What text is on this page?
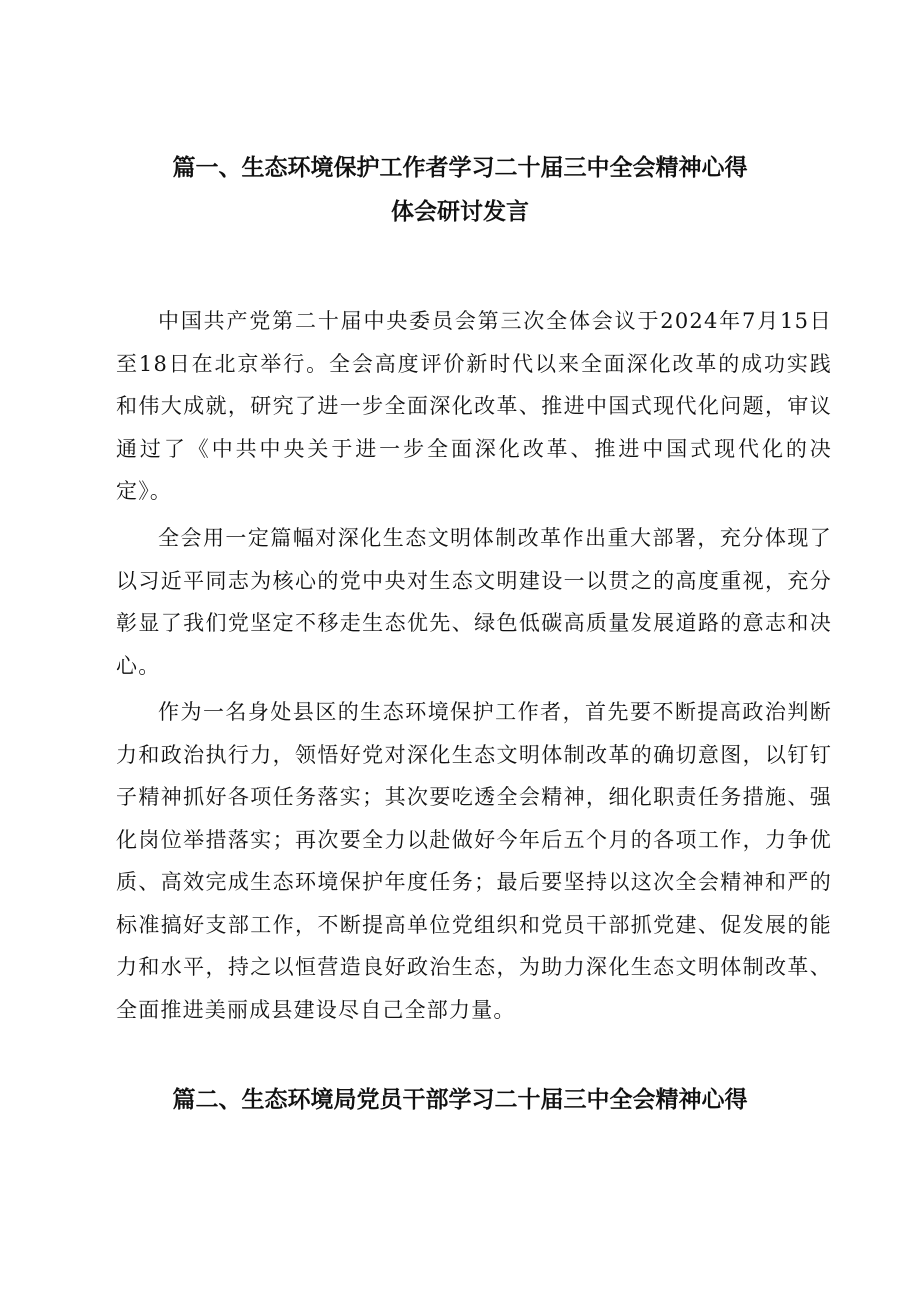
篇一、生态环境保护工作者学习二十届三中全会精神心得
体会研讨发言

中国共产党第二十届中央委员会第三次全体会议于2024年7月15日至18日在北京举行。全会高度评价新时代以来全面深化改革的成功实践和伟大成就，研究了进一步全面深化改革、推进中国式现代化问题，审议通过了《中共中央关于进一步全面深化改革、推进中国式现代化的决定》。

全会用一定篇幅对深化生态文明体制改革作出重大部署，充分体现了以习近平同志为核心的党中央对生态文明建设一以贯之的高度重视，充分彰显了我们党坚定不移走生态优先、绿色低碳高质量发展道路的意志和决心。

作为一名身处县区的生态环境保护工作者，首先要不断提高政治判断力和政治执行力，领悟好党对深化生态文明体制改革的确切意图，以钉钉子精神抓好各项任务落实；其次要吃透全会精神，细化职责任务措施、强化岗位举措落实；再次要全力以赴做好今年后五个月的各项工作，力争优质、高效完成生态环境保护年度任务；最后要坚持以这次全会精神和严的标准搞好支部工作，不断提高单位党组织和党员干部抓党建、促发展的能力和水平，持之以恒营造良好政治生态，为助力深化生态文明体制改革、全面推进美丽成县建设尽自己全部力量。

篇二、生态环境局党员干部学习二十届三中全会精神心得
